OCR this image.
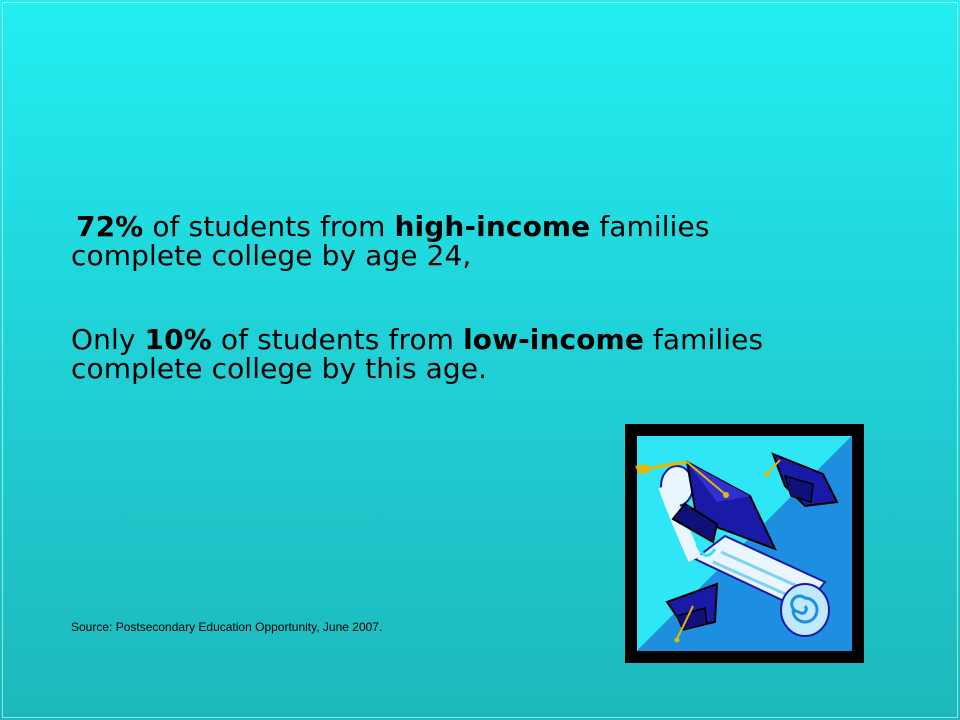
72% of students from high-income families
complete college by age 24,
Only 10% of students from low-income families
complete college by this age.
Source: Postsecondary Education Opportunity, June 2007.
